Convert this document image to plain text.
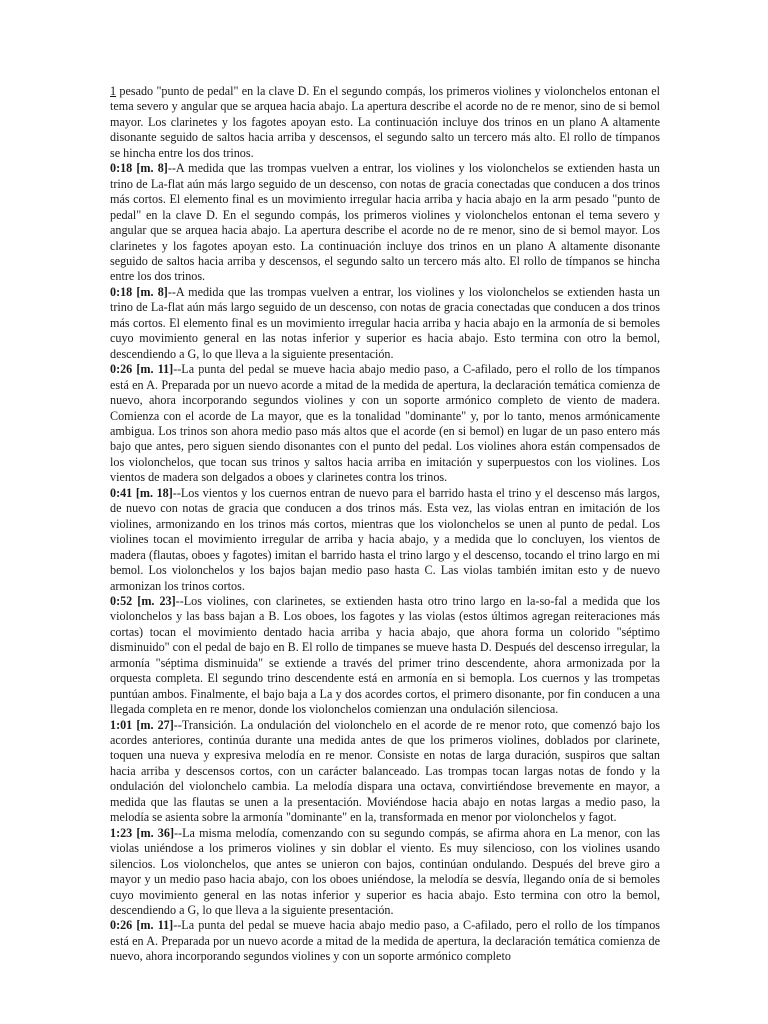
1 pesado "punto de pedal" en la clave D. En el segundo compás, los primeros violines y violonchelos entonan el tema severo y angular que se arquea hacia abajo. La apertura describe el acorde no de re menor, sino de si bemol mayor. Los clarinetes y los fagotes apoyan esto. La continuación incluye dos trinos en un plano A altamente disonante seguido de saltos hacia arriba y descensos, el segundo salto un tercero más alto. El rollo de tímpanos se hincha entre los dos trinos.

0:18 [m. 8]--A medida que las trompas vuelven a entrar, los violines y los violonchelos se extienden hasta un trino de La-flat aún más largo seguido de un descenso, con notas de gracia conectadas que conducen a dos trinos más cortos. El elemento final es un movimiento irregular hacia arriba y hacia abajo en la arm pesado "punto de pedal" en la clave D. En el segundo compás, los primeros violines y violonchelos entonan el tema severo y angular que se arquea hacia abajo. La apertura describe el acorde no de re menor, sino de si bemol mayor. Los clarinetes y los fagotes apoyan esto. La continuación incluye dos trinos en un plano A altamente disonante seguido de saltos hacia arriba y descensos, el segundo salto un tercero más alto. El rollo de tímpanos se hincha entre los dos trinos.

0:18 [m. 8]--A medida que las trompas vuelven a entrar, los violines y los violonchelos se extienden hasta un trino de La-flat aún más largo seguido de un descenso, con notas de gracia conectadas que conducen a dos trinos más cortos. El elemento final es un movimiento irregular hacia arriba y hacia abajo en la armonía de si bemoles cuyo movimiento general en las notas inferior y superior es hacia abajo. Esto termina con otro la bemol, descendiendo a G, lo que lleva a la siguiente presentación.

0:26 [m. 11]--La punta del pedal se mueve hacia abajo medio paso, a C-afilado, pero el rollo de los tímpanos está en A. Preparada por un nuevo acorde a mitad de la medida de apertura, la declaración temática comienza de nuevo, ahora incorporando segundos violines y con un soporte armónico completo de viento de madera. Comienza con el acorde de La mayor, que es la tonalidad "dominante" y, por lo tanto, menos armónicamente ambigua. Los trinos son ahora medio paso más altos que el acorde (en si bemol) en lugar de un paso entero más bajo que antes, pero siguen siendo disonantes con el punto del pedal. Los violines ahora están compensados de los violonchelos, que tocan sus trinos y saltos hacia arriba en imitación y superpuestos con los violines. Los vientos de madera son delgados a oboes y clarinetes contra los trinos.

0:41 [m. 18]--Los vientos y los cuernos entran de nuevo para el barrido hasta el trino y el descenso más largos, de nuevo con notas de gracia que conducen a dos trinos más. Esta vez, las violas entran en imitación de los violines, armonizando en los trinos más cortos, mientras que los violonchelos se unen al punto de pedal. Los violines tocan el movimiento irregular de arriba y hacia abajo, y a medida que lo concluyen, los vientos de madera (flautas, oboes y fagotes) imitan el barrido hasta el trino largo y el descenso, tocando el trino largo en mi bemol. Los violonchelos y los bajos bajan medio paso hasta C. Las violas también imitan esto y de nuevo armonizan los trinos cortos.

0:52 [m. 23]--Los violines, con clarinetes, se extienden hasta otro trino largo en la-so-fal a medida que los violonchelos y las bass bajan a B. Los oboes, los fagotes y las violas (estos últimos agregan reiteraciones más cortas) tocan el movimiento dentado hacia arriba y hacia abajo, que ahora forma un colorido "séptimo disminuido" con el pedal de bajo en B. El rollo de timpanes se mueve hasta D. Después del descenso irregular, la armonía "séptima disminuida" se extiende a través del primer trino descendente, ahora armonizada por la orquesta completa. El segundo trino descendente está en armonía en si bemopla. Los cuernos y las trompetas puntúan ambos. Finalmente, el bajo baja a La y dos acordes cortos, el primero disonante, por fin conducen a una llegada completa en re menor, donde los violonchelos comienzan una ondulación silenciosa.

1:01 [m. 27]--Transición. La ondulación del violonchelo en el acorde de re menor roto, que comenzó bajo los acordes anteriores, continúa durante una medida antes de que los primeros violines, doblados por clarinete, toquen una nueva y expresiva melodía en re menor. Consiste en notas de larga duración, suspiros que saltan hacia arriba y descensos cortos, con un carácter balanceado. Las trompas tocan largas notas de fondo y la ondulación del violonchelo cambia. La melodía dispara una octava, convirtiéndose brevemente en mayor, a medida que las flautas se unen a la presentación. Moviéndose hacia abajo en notas largas a medio paso, la melodía se asienta sobre la armonía "dominante" en la, transformada en menor por violonchelos y fagot.

1:23 [m. 36]--La misma melodía, comenzando con su segundo compás, se afirma ahora en La menor, con las violas uniéndose a los primeros violines y sin doblar el viento. Es muy silencioso, con los violines usando silencios. Los violonchelos, que antes se unieron con bajos, continúan ondulando. Después del breve giro a mayor y un medio paso hacia abajo, con los oboes uniéndose, la melodía se desvía, llegando onía de si bemoles cuyo movimiento general en las notas inferior y superior es hacia abajo. Esto termina con otro la bemol, descendiendo a G, lo que lleva a la siguiente presentación.

0:26 [m. 11]--La punta del pedal se mueve hacia abajo medio paso, a C-afilado, pero el rollo de los tímpanos está en A. Preparada por un nuevo acorde a mitad de la medida de apertura, la declaración temática comienza de nuevo, ahora incorporando segundos violines y con un soporte armónico completo
